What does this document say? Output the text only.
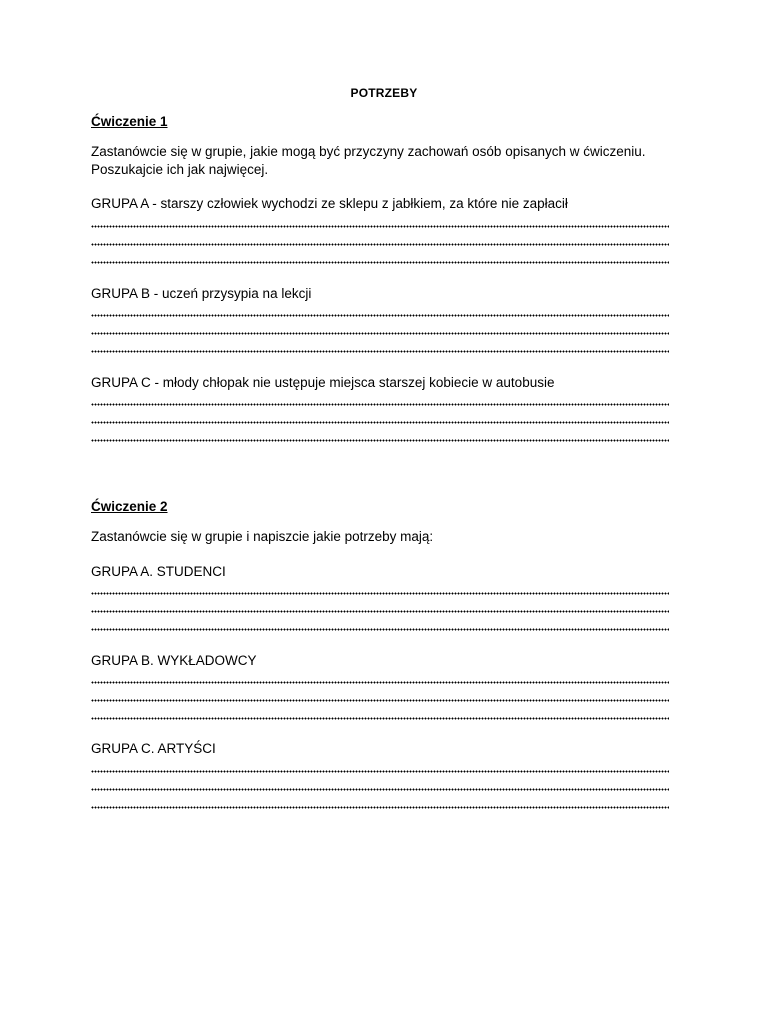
POTRZEBY
Ćwiczenie 1
Zastanówcie się w grupie, jakie mogą być przyczyny zachowań osób opisanych w ćwiczeniu.
Poszukajcie ich jak najwięcej.
GRUPA A - starszy człowiek wychodzi ze sklepu z jabłkiem, za które nie zapłacił
GRUPA B - uczeń przysypia na lekcji
GRUPA C - młody chłopak nie ustępuje miejsca starszej kobiecie w autobusie
Ćwiczenie 2
Zastanówcie się w grupie i napiszcie jakie potrzeby mają:
GRUPA A. STUDENCI
GRUPA B. WYKŁADOWCY
GRUPA C. ARTYŚCI
